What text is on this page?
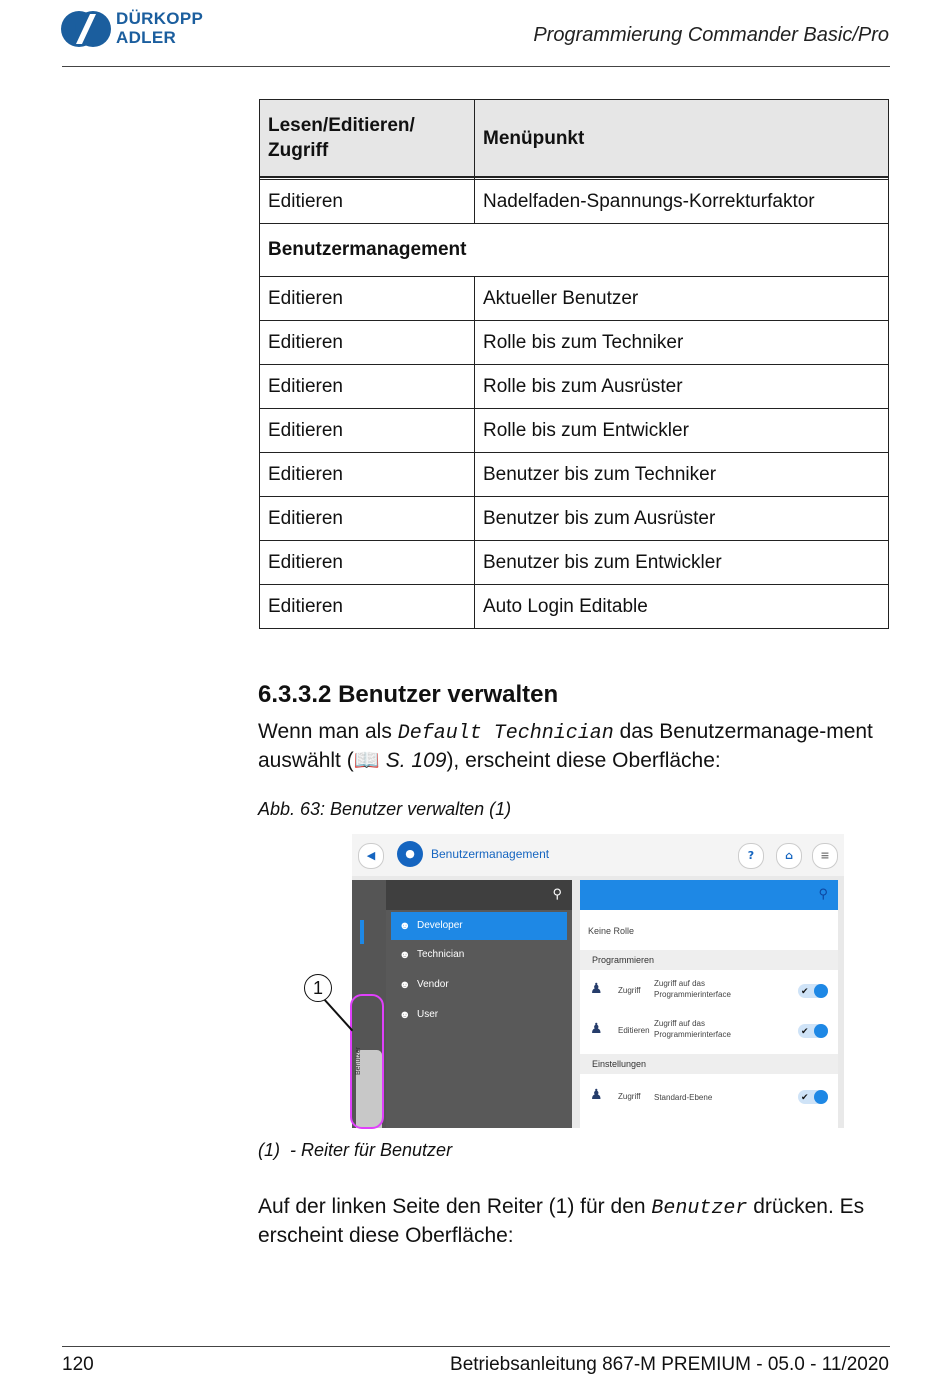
DÜRKOPP
ADLER	Programmierung Commander Basic/Pro
Lesen/Editieren/ Zugriff	Menüpunkt

Editieren	Nadelfaden-Spannungs-Korrekturfaktor
Benutzermanagement	
Editieren	Aktueller Benutzer
Editieren	Rolle bis zum Techniker
Editieren	Rolle bis zum Ausrüster
Editieren	Rolle bis zum Entwickler
Editieren	Benutzer bis zum Techniker
Editieren	Benutzer bis zum Ausrüster
Editieren	Benutzer bis zum Entwickler
Editieren	Auto Login Editable
6.3.3.2 Benutzer verwalten
Wenn man als Default Technician das Benutzermanage-ment auswählt (📖 S. 109), erscheint diese Oberfläche:
Abb. 63: Benutzer verwalten (1)
◀	●	Benutzermanagement	?	⌂	≡
Benutzer
⚲
☻ Developer
☻ Technician
☻ Vendor
☻ User
⚲
Keine Rolle
Programmieren
♟ Zugriff
Zugriff auf das Programmierinterface	✔
♟ Editieren
Zugriff auf das Programmierinterface	✔
Einstellungen
♟ Zugriff Standard-Ebene	✔
1
(1) - Reiter für Benutzer
Auf der linken Seite den Reiter (1) für den Benutzer drücken. Es erscheint diese Oberfläche:
120	Betriebsanleitung 867-M PREMIUM - 05.0 - 11/2020
